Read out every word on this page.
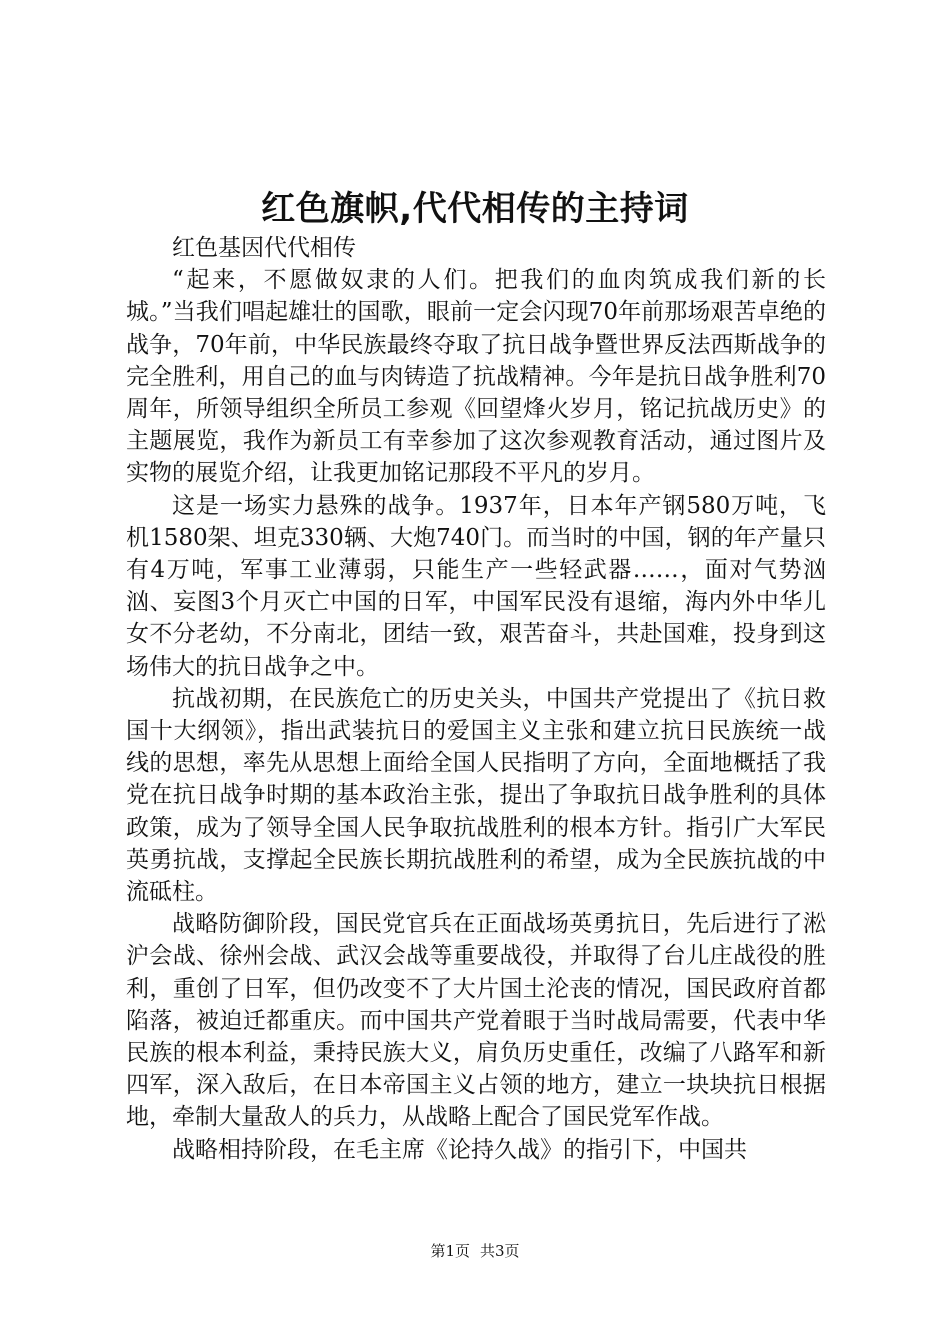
红色旗帜,代代相传的主持词

红色基因代代相传

“起来，不愿做奴隶的人们。把我们的血肉筑成我们新的长城。”当我们唱起雄壮的国歌，眼前一定会闪现70年前那场艰苦卓绝的战争，70年前，中华民族最终夺取了抗日战争暨世界反法西斯战争的完全胜利，用自己的血与肉铸造了抗战精神。今年是抗日战争胜利70周年，所领导组织全所员工参观《回望烽火岁月，铭记抗战历史》的主题展览，我作为新员工有幸参加了这次参观教育活动，通过图片及实物的展览介绍，让我更加铭记那段不平凡的岁月。

这是一场实力悬殊的战争。1937年，日本年产钢580万吨，飞机1580架、坦克330辆、大炮740门。而当时的中国，钢的年产量只有4万吨，军事工业薄弱，只能生产一些轻武器……，面对气势汹汹、妄图3个月灭亡中国的日军，中国军民没有退缩，海内外中华儿女不分老幼，不分南北，团结一致，艰苦奋斗，共赴国难，投身到这场伟大的抗日战争之中。

抗战初期，在民族危亡的历史关头，中国共产党提出了《抗日救国十大纲领》，指出武装抗日的爱国主义主张和建立抗日民族统一战线的思想，率先从思想上面给全国人民指明了方向，全面地概括了我党在抗日战争时期的基本政治主张，提出了争取抗日战争胜利的具体政策，成为了领导全国人民争取抗战胜利的根本方针。指引广大军民英勇抗战，支撑起全民族长期抗战胜利的希望，成为全民族抗战的中流砥柱。

战略防御阶段，国民党官兵在正面战场英勇抗日，先后进行了淞沪会战、徐州会战、武汉会战等重要战役，并取得了台儿庄战役的胜利，重创了日军，但仍改变不了大片国土沦丧的情况，国民政府首都陷落，被迫迁都重庆。而中国共产党着眼于当时战局需要，代表中华民族的根本利益，秉持民族大义，肩负历史重任，改编了八路军和新四军，深入敌后，在日本帝国主义占领的地方，建立一块块抗日根据地，牵制大量敌人的兵力，从战略上配合了国民党军作战。

战略相持阶段，在毛主席《论持久战》的指引下，中国共

第1页 共3页
